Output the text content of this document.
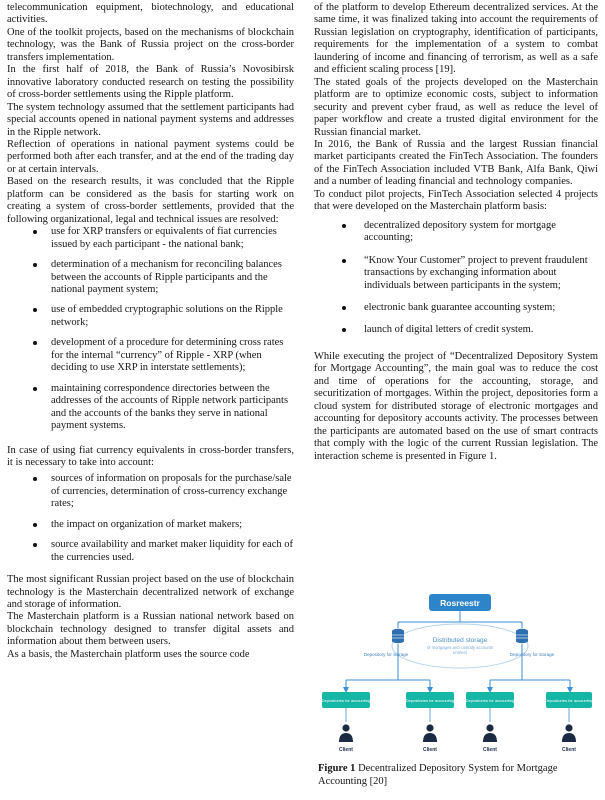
telecommunication equipment, biotechnology, and educational activities.

One of the toolkit projects, based on the mechanisms of blockchain technology, was the Bank of Russia project on the cross-border transfers implementation.

In the first half of 2018, the Bank of Russia’s Novosibirsk innovative laboratory conducted research on testing the possibility of cross-border settlements using the Ripple platform.

The system technology assumed that the settlement participants had special accounts opened in national payment systems and addresses in the Ripple network.

Reflection of operations in national payment systems could be performed both after each transfer, and at the end of the trading day or at certain intervals.

Based on the research results, it was concluded that the Ripple platform can be considered as the basis for starting work on creating a system of cross-border settlements, provided that the following organizational, legal and technical issues are resolved:

use for XRP transfers or equivalents of fiat currencies issued by each participant - the national bank;
determination of a mechanism for reconciling balances between the accounts of Ripple participants and the national payment system;
use of embedded cryptographic solutions on the Ripple network;
development of a procedure for determining cross rates for the internal “currency” of Ripple - XRP (when deciding to use XRP in interstate settlements);
maintaining correspondence directories between the addresses of the accounts of Ripple network participants and the accounts of the banks they serve in national payment systems.

In case of using fiat currency equivalents in cross-border transfers, it is necessary to take into account:

sources of information on proposals for the purchase/sale of currencies, determination of cross-currency exchange rates;
the impact on organization of market makers;
source availability and market maker liquidity for each of the currencies used.

The most significant Russian project based on the use of blockchain technology is the Masterchain decentralized network of exchange and storage of information.

The Masterchain platform is a Russian national network based on blockchain technology designed to transfer digital assets and information about them between users.

As a basis, the Masterchain platform uses the source code

of the platform to develop Ethereum decentralized services. At the same time, it was finalized taking into account the requirements of Russian legislation on cryptography, identification of participants, requirements for the implementation of a system to combat laundering of income and financing of terrorism, as well as a safe and efficient scaling process [19].

The stated goals of the projects developed on the Masterchain platform are to optimize economic costs, subject to information security and prevent cyber fraud, as well as reduce the level of paper workflow and create a trusted digital environment for the Russian financial market.

In 2016, the Bank of Russia and the largest Russian financial market participants created the FinTech Association. The founders of the FinTech Association included VTB Bank, Alfa Bank, Qiwi and a number of leading financial and technology companies.

To conduct pilot projects, FinTech Association selected 4 projects that were developed on the Masterchain platform basis:

decentralized depository system for mortgage accounting;
“Know Your Customer” project to prevent fraudulent transactions by exchanging information about individuals between participants in the system;
electronic bank guarantee accounting system;
launch of digital letters of credit system.

While executing the project of “Decentralized Depository System for Mortgage Accounting”, the main goal was to reduce the cost and time of operations for the accounting, storage, and securitization of mortgages. Within the project, depositories form a cloud system for distributed storage of electronic mortgages and accounting for depository accounts activity. The processes between the participants are automated based on the use of smart contracts that comply with the logic of the current Russian legislation. The interaction scheme is presented in Figure 1.

Rosreestr
Distributed storage
of mortgages and custody accounts
entries)
Depository for storage	Depository for storage
Depositories for accounting	Depositories for accounting	Depositories for accounting	Depositories for accounting
Client	Client	Client	Client
Figure 1 Decentralized Depository System for Mortgage Accounting [20]
